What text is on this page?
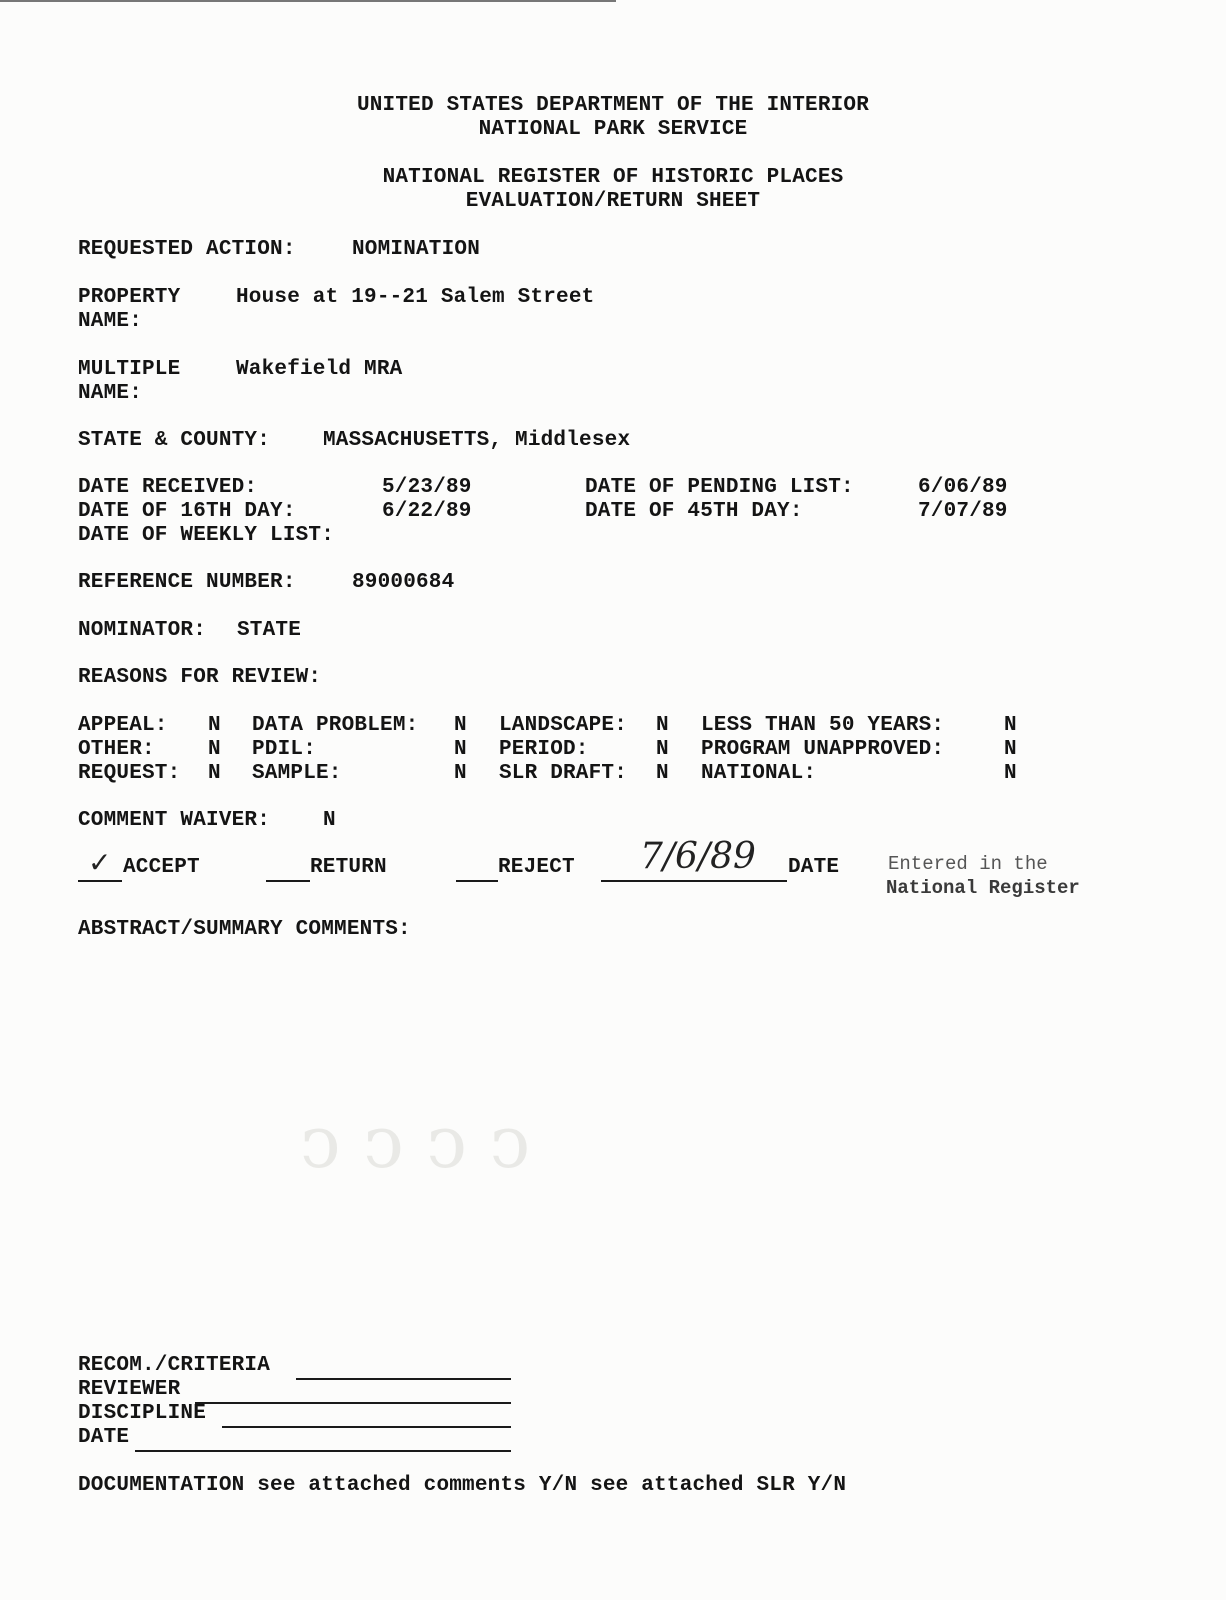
UNITED STATES DEPARTMENT OF THE INTERIOR
NATIONAL PARK SERVICE
NATIONAL REGISTER OF HISTORIC PLACES
EVALUATION/RETURN SHEET
REQUESTED ACTION:	NOMINATION
PROPERTY
NAME:
House at 19--21 Salem Street
MULTIPLE
NAME:
Wakefield MRA
STATE & COUNTY:	MASSACHUSETTS, Middlesex
DATE RECEIVED:	5/23/89	DATE OF PENDING LIST:	6/06/89
DATE OF 16TH DAY:	6/22/89	DATE OF 45TH DAY:	7/07/89
DATE OF WEEKLY LIST:
REFERENCE NUMBER:	89000684
NOMINATOR: STATE
REASONS FOR REVIEW:
APPEAL: N DATA PROBLEM: N LANDSCAPE: N LESS THAN 50 YEARS:	N
OTHER:	N PDIL:	N PERIOD:	N PROGRAM UNAPPROVED:	N
REQUEST: N SAMPLE:	N SLR DRAFT: N NATIONAL:	N
COMMENT WAIVER:	N
✓ ACCEPT	RETURN	REJECT 7/6/89 DATE	Entered in the
National Register
ABSTRACT/SUMMARY COMMENTS:
ↄ ↄ ↄ ↄ
RECOM./CRITERIA
REVIEWER
DISCIPLINE
DATE
DOCUMENTATION see attached comments Y/N see attached SLR Y/N
